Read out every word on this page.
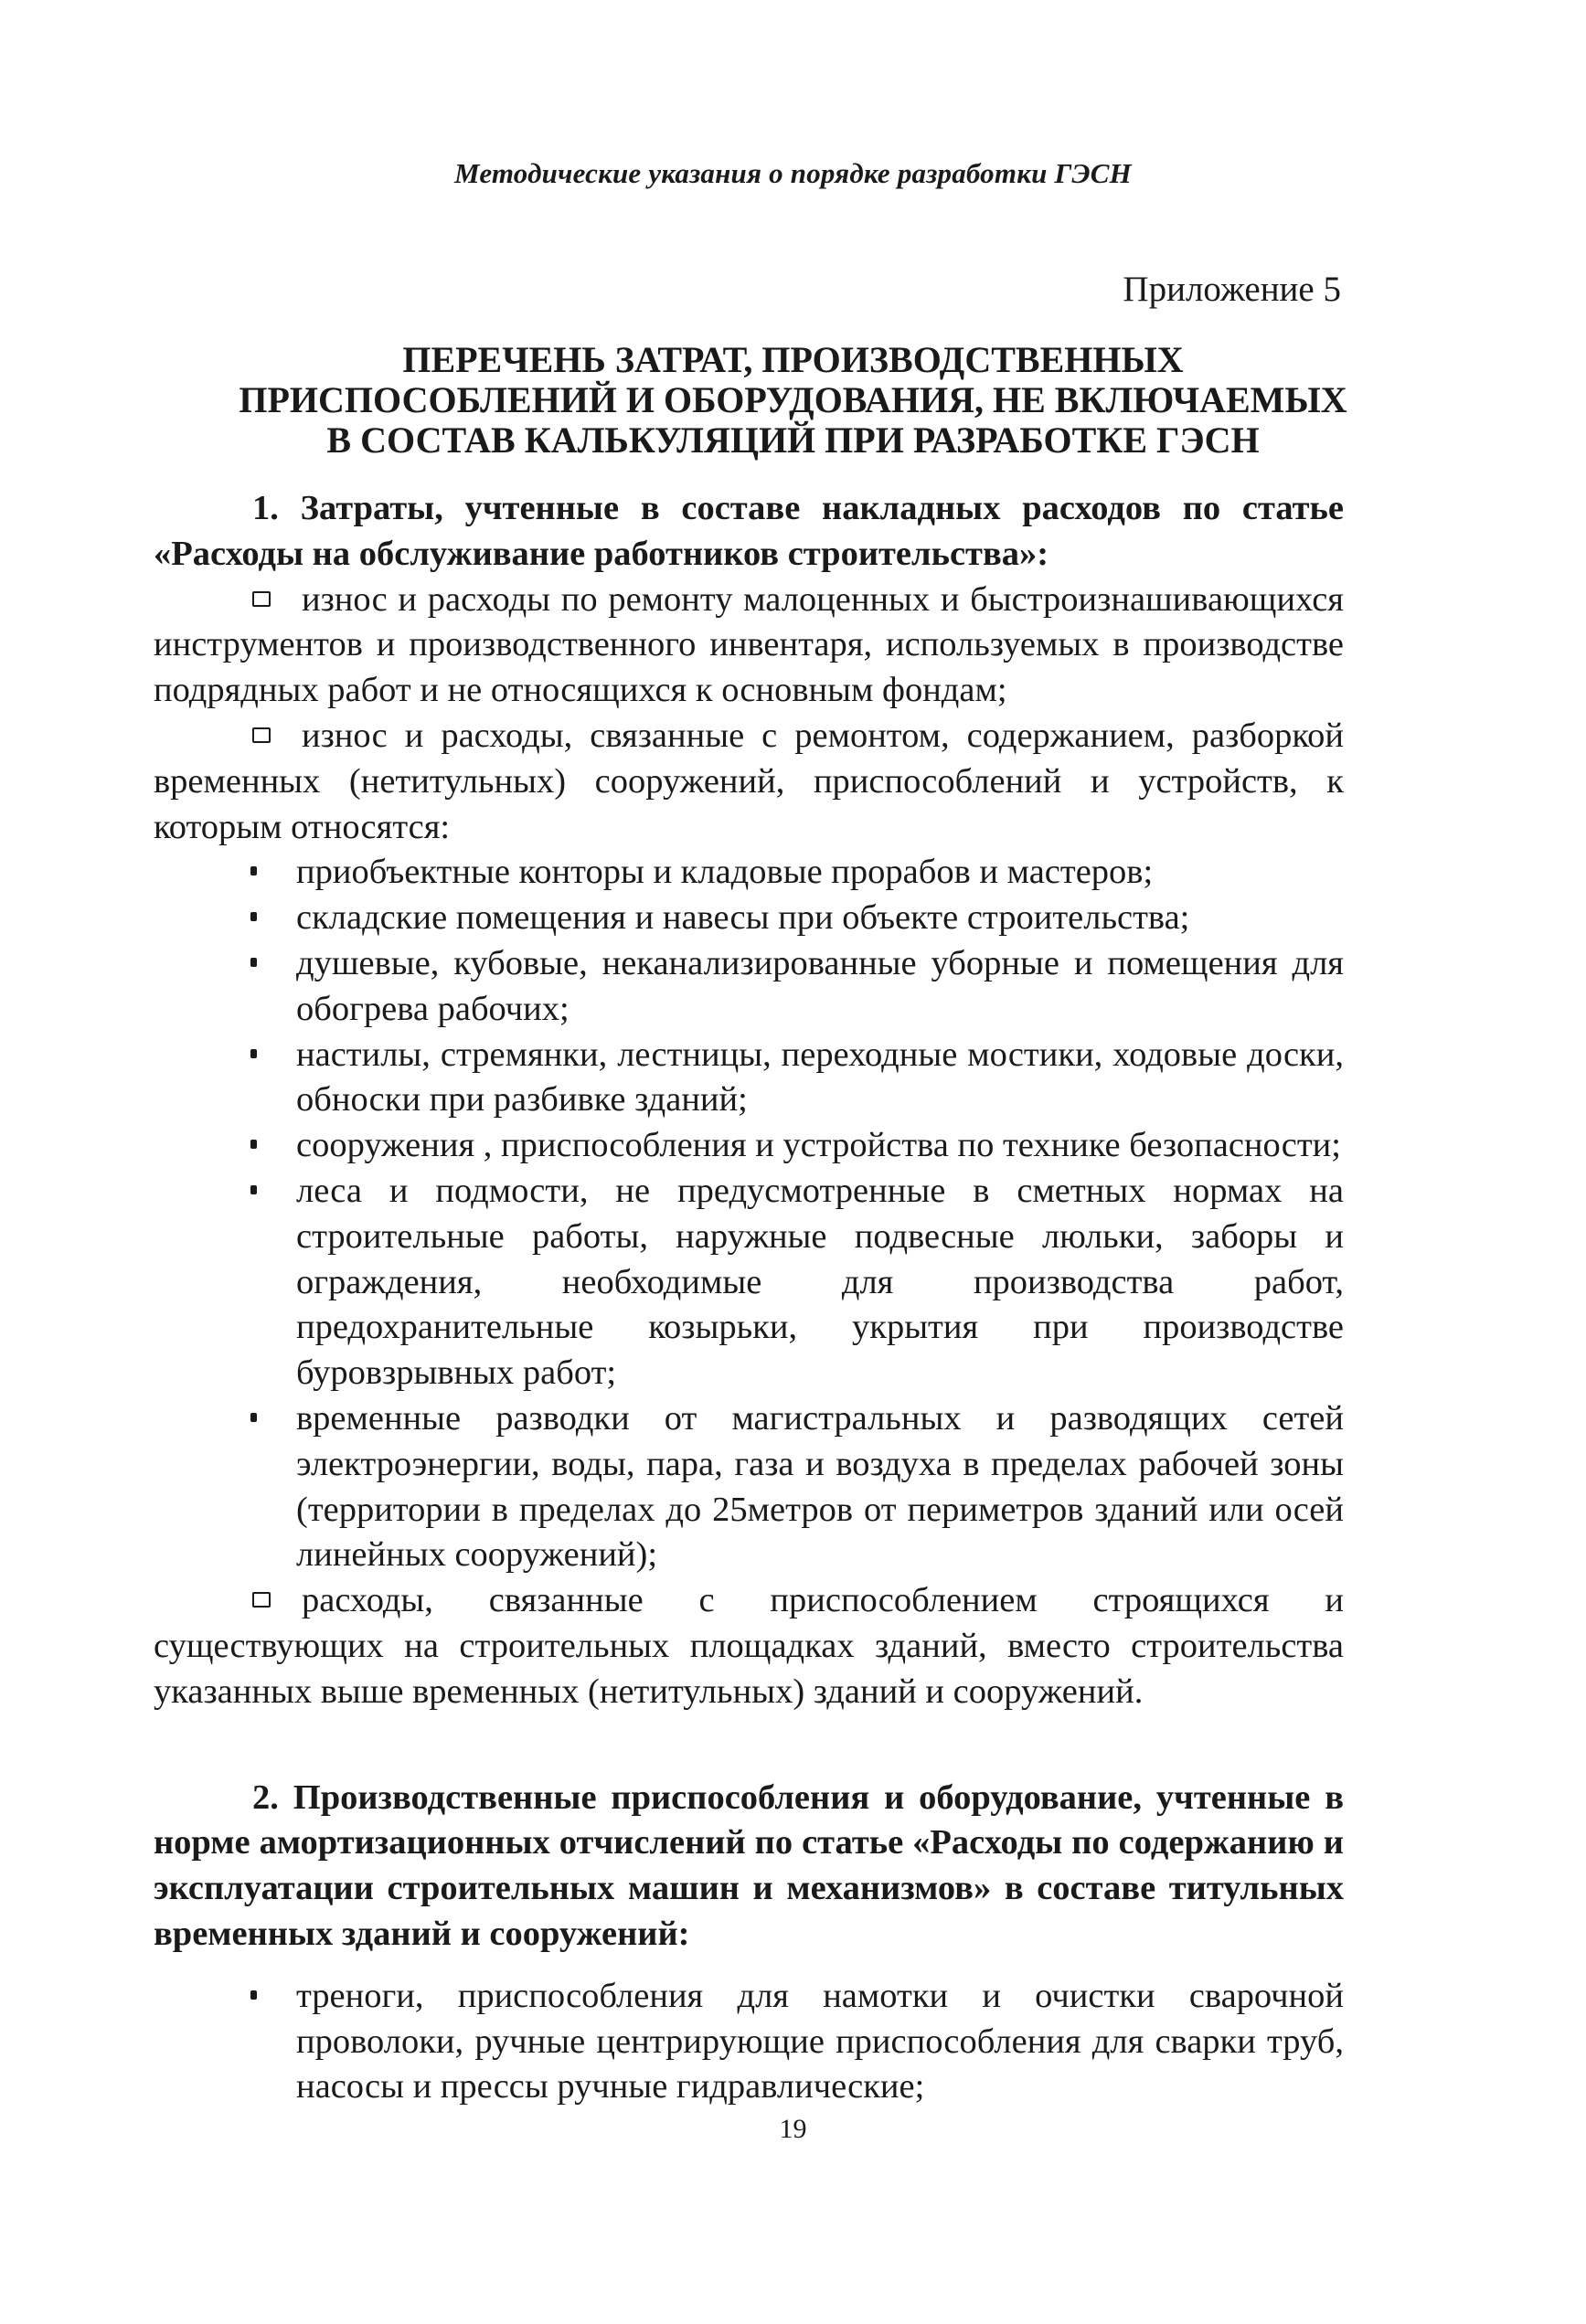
Методические указания о порядке разработки ГЭСН
Приложение 5
ПЕРЕЧЕНЬ ЗАТРАТ, ПРОИЗВОДСТВЕННЫХ
ПРИСПОСОБЛЕНИЙ И ОБОРУДОВАНИЯ, НЕ ВКЛЮЧАЕМЫХ
В СОСТАВ КАЛЬКУЛЯЦИЙ ПРИ РАЗРАБОТКЕ ГЭСН

1. Затраты, учтенные в составе накладных расходов по статье «Расходы на обслуживание работников строительства»:

износ и расходы по ремонту малоценных и быстроизнашивающихся инструментов и производственного инвентаря, используемых в производстве подрядных работ и не относящихся к основным фондам;

износ и расходы, связанные с ремонтом, содержанием, разборкой временных (нетитульных) сооружений, приспособлений и устройств, к которым относятся:

приобъектные конторы и кладовые прорабов и мастеров;
складские помещения и навесы при объекте строительства;
душевые, кубовые, неканализированные уборные и помещения для обогрева рабочих;
настилы, стремянки, лестницы, переходные мостики, ходовые доски, обноски при разбивке зданий;
сооружения , приспособления и устройства по технике безопасности;
леса и подмости, не предусмотренные в сметных нормах на строительные работы, наружные подвесные люльки, заборы и ограждения, необходимые для производства работ, предохранительные козырьки, укрытия при производстве буровзрывных работ;
временные разводки от магистральных и разводящих сетей электроэнергии, воды, пара, газа и воздуха в пределах рабочей зоны (территории в пределах до 25метров от периметров зданий или осей линейных сооружений);

расходы, связанные с приспособлением строящихся и существующих на строительных площадках зданий, вместо строительства указанных выше временных (нетитульных) зданий и сооружений.

2. Производственные приспособления и оборудование, учтенные в норме амортизационных отчислений по статье «Расходы по содержанию и эксплуатации строительных машин и механизмов» в составе титульных временных зданий и сооружений:

треноги, приспособления для намотки и очистки сварочной проволоки, ручные центрирующие приспособления для сварки труб, насосы и прессы ручные гидравлические;
19
